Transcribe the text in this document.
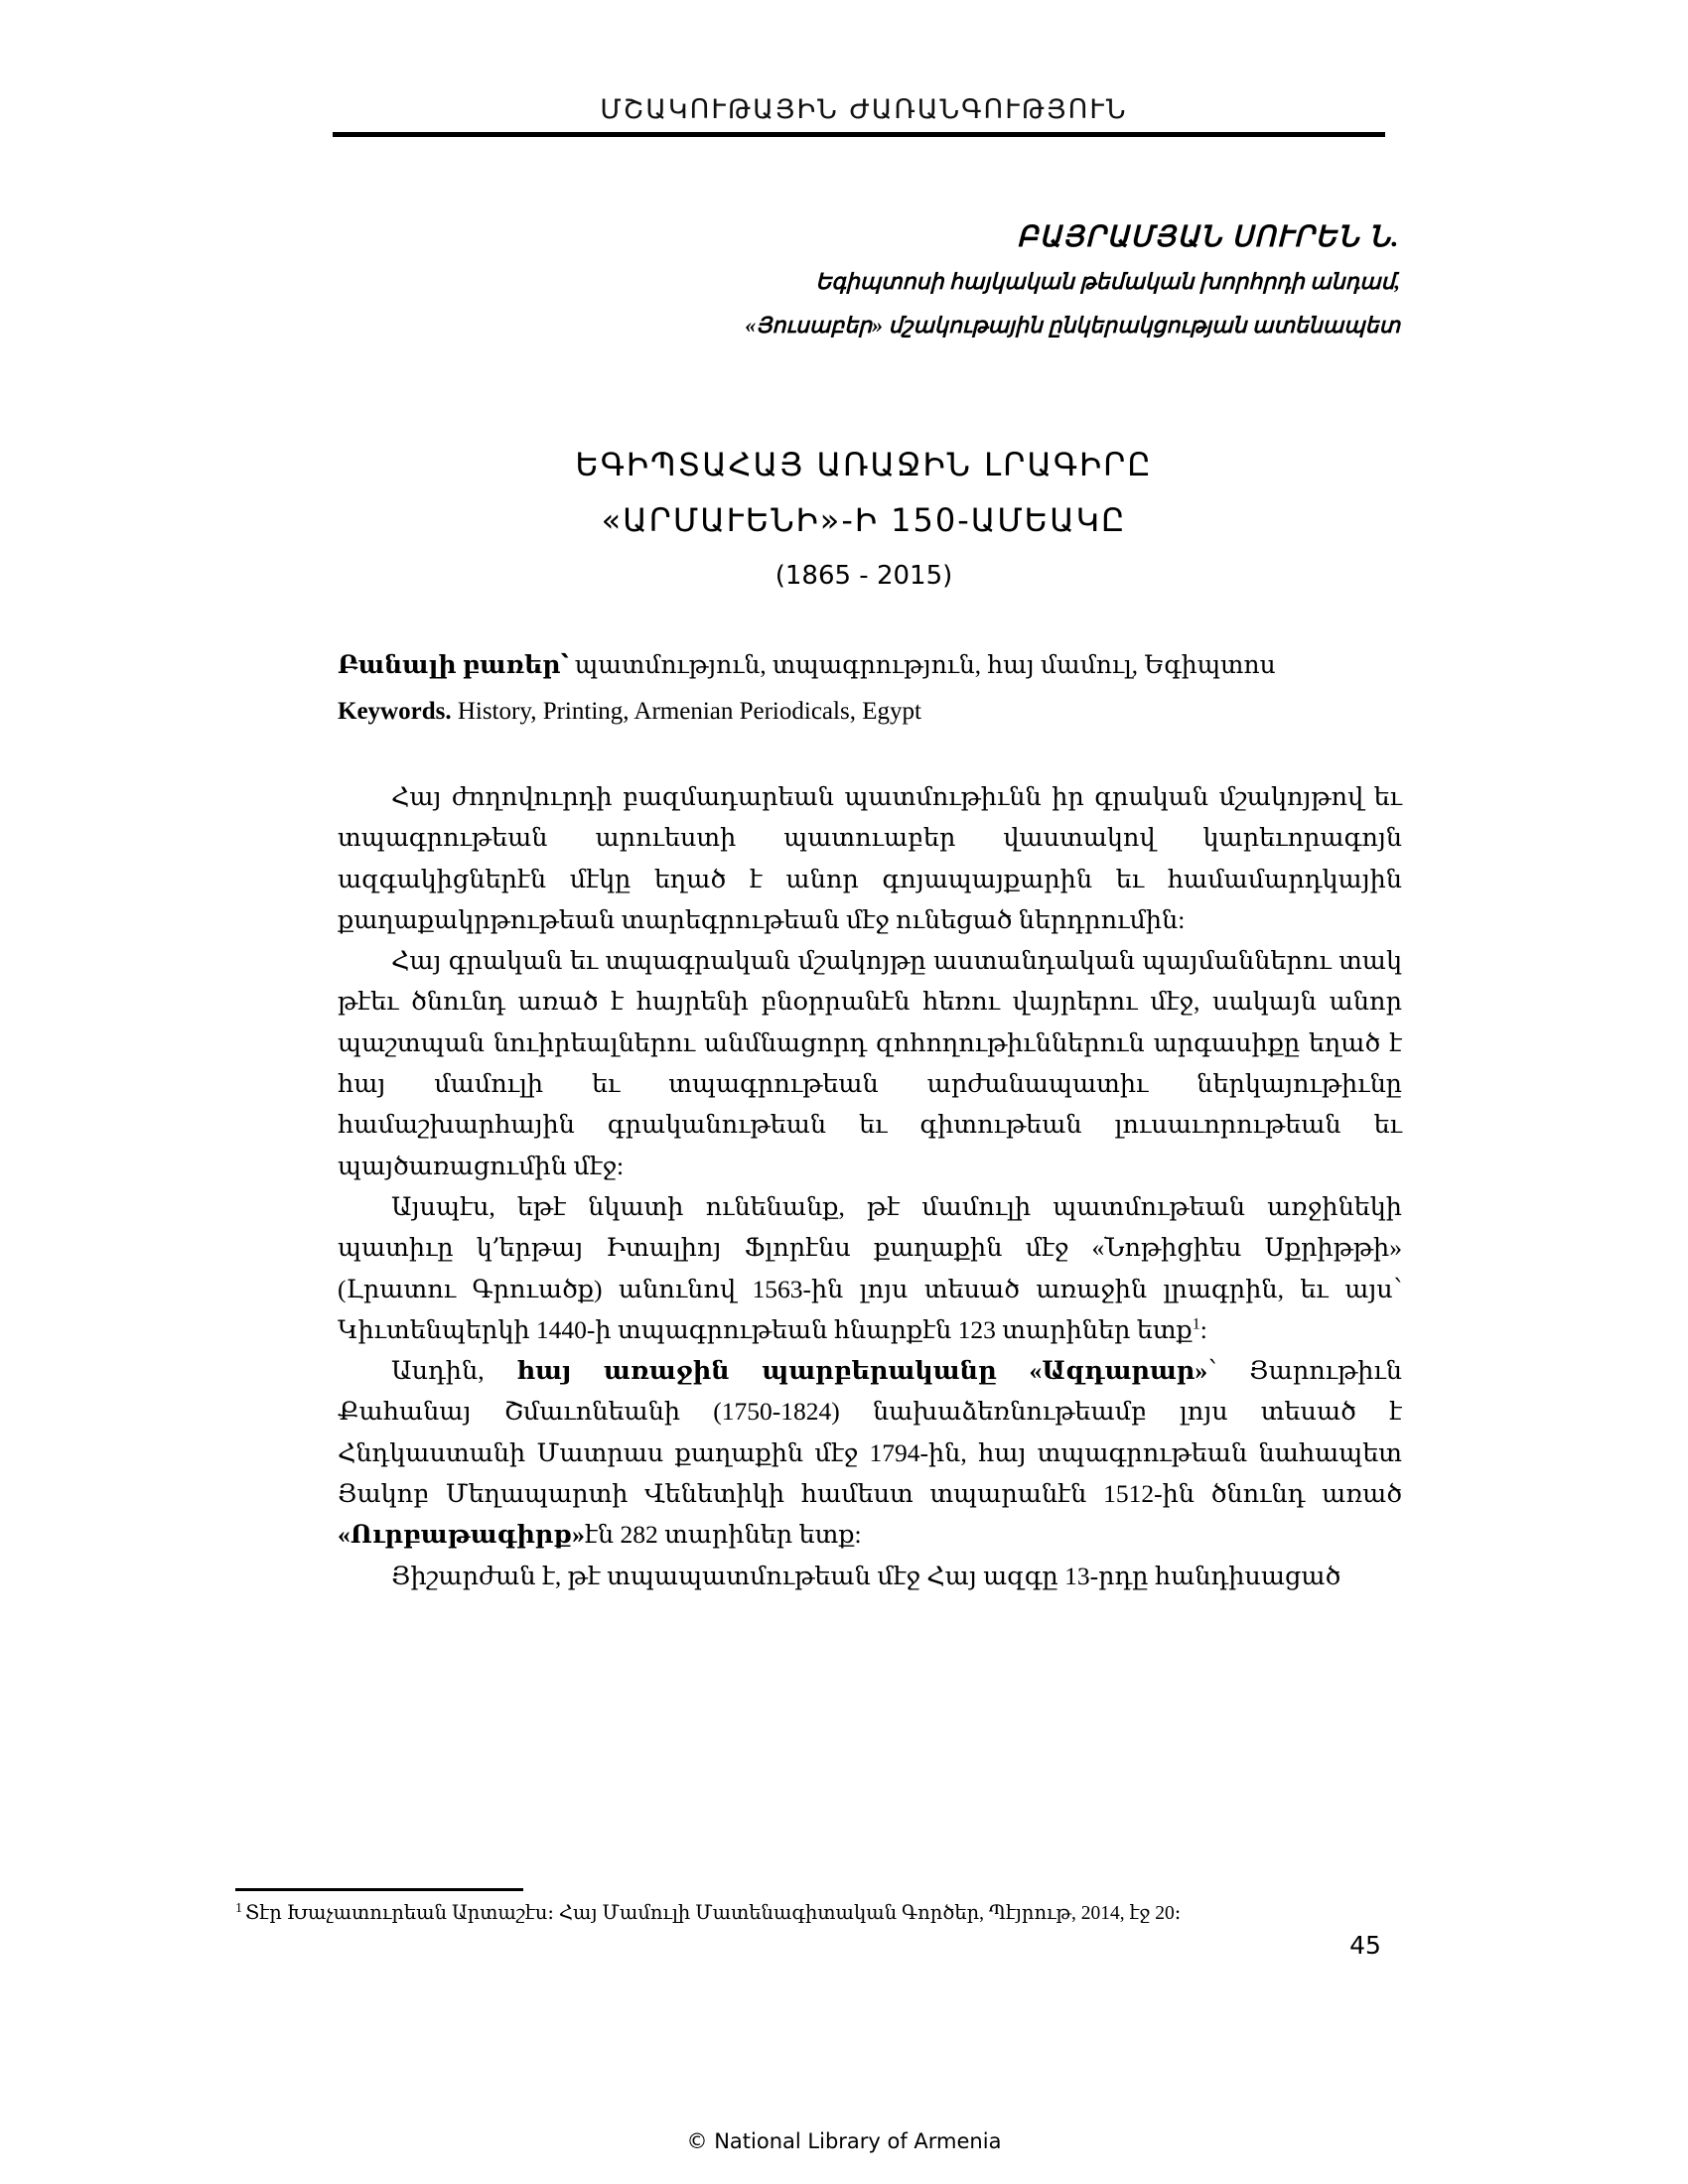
ՄՇԱԿՈՒԹԱՅԻՆ ԺԱՌԱՆԳՈՒԹՅՈՒՆ
ԲԱՅՐԱՄՅԱՆ ՍՈՒՐԵՆ Ն.
Եգիպտոսի հայկական թեմական խորհրդի անդամ,
«Յուսաբեր» մշակութային ընկերակցության ատենապետ
ԵԳԻՊՏԱՀԱՅ ԱՌԱՋԻՆ ԼՐԱԳԻՐԸ
«ԱՐՄԱՒԵՆԻ»-Ի 150-ԱՄԵԱԿԸ
(1865 - 2015)
Բանալի բառեր՝ պատմություն, տպագրություն, հայ մամուլ, Եգիպտոս
Keywords. History, Printing, Armenian Periodicals, Egypt

Հայ ժողովուրդի բազմադարեան պատմութիւնն իր գրական մշակոյթով եւ տպագրութեան արուեստի պատուաբեր վաստակով կարեւորագոյն ազգակիցներէն մէկը եղած է անոր գոյապայքարին եւ համամարդկային քաղաքակրթութեան տարեգրութեան մէջ ունեցած ներդրումին:

Հայ գրական եւ տպագրական մշակոյթը աստանդական պայմաններու տակ թէեւ ծնունդ առած է հայրենի բնօրրանէն հեռու վայրերու մէջ, սակայն անոր պաշտպան նուիրեալներու անմնացորդ զոհողութիւններուն արգասիքը եղած է հայ մամուլի եւ տպագրութեան արժանապատիւ ներկայութիւնը համաշխարհային գրականութեան եւ գիտութեան լուսաւորութեան եւ պայծառացումին մէջ:

Այսպէս, եթէ նկատի ունենանք, թէ մամուլի պատմութեան առջինեկի պատիւը կ՚երթայ Իտալիոյ Ֆլորէնս քաղաքին մէջ «Նոթիցիես Սքրիթթի» (Լրատու Գրուածք) անունով 1563-ին լոյս տեսած առաջին լրագրին, եւ այս՝ Կիւտենպերկի 1440-ի տպագրութեան հնարքէն 123 տարիներ ետք$^1$:

Ասդին, հայ առաջին պարբերականը «Ազդարար»՝ Յարութիւն Քահանայ Շմաւոնեանի (1750-1824) նախաձեռնութեամբ լոյս տեսած է Հնդկաստանի Մատրաս քաղաքին մէջ 1794-ին, հայ տպագրութեան նահապետ Յակոբ Մեղապարտի Վենետիկի համեստ տպարանէն 1512-ին ծնունդ առած «Ուրբաթագիրք»էն 282 տարիներ ետք:

Յիշարժան է, թէ տպապատմութեան մէջ Հայ ազգը 13-րդը հանդիսացած

$^1$ Տէր Խաչատուրեան Արտաշէս։ Հայ Մամուլի Մատենագիտական Գործեր, Պէյրութ, 2014, էջ 20։
45
© National Library of Armenia
